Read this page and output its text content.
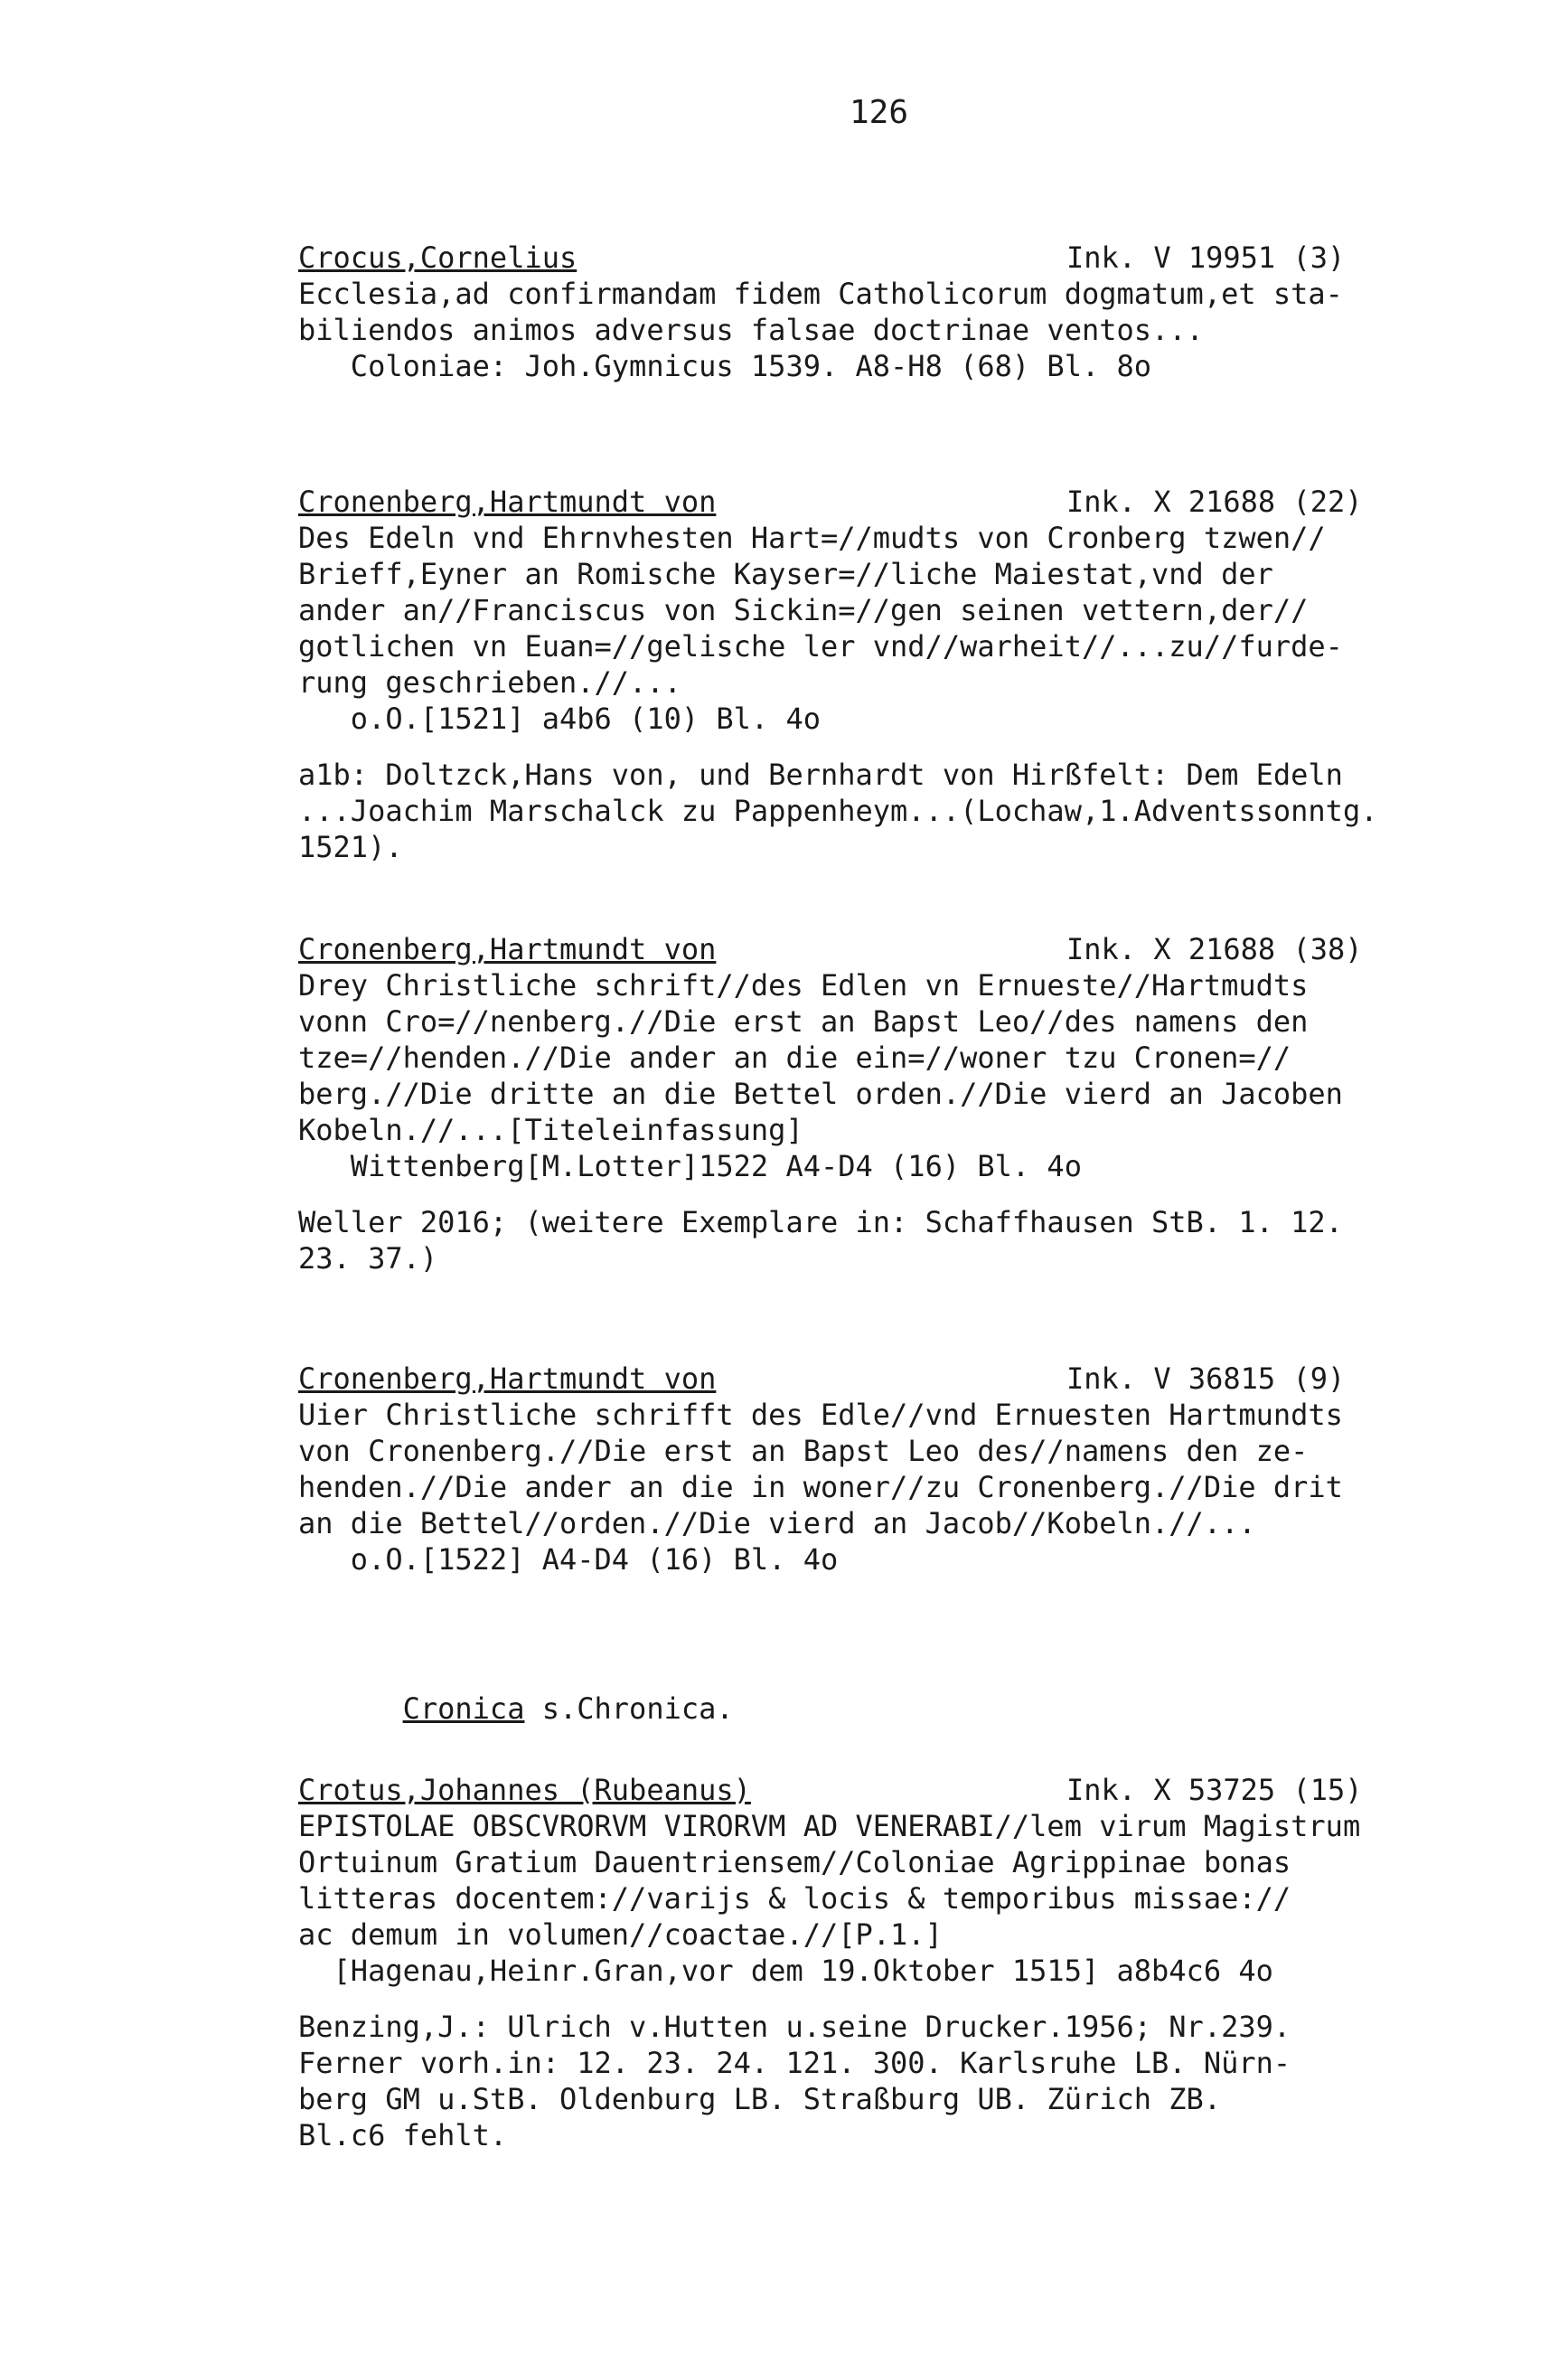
126
Crocus,Cornelius	Ink. V 19951 (3)
Ecclesia,ad confirmandam fidem Catholicorum dogmatum,et sta-
biliendos animos adversus falsae doctrinae ventos...
Coloniae: Joh.Gymnicus 1539. A8-H8 (68) Bl. 8o
Cronenberg,Hartmundt von	Ink. X 21688 (22)
Des Edeln vnd Ehrnvhesten Hart=//mudts von Cronberg tzwen//
Brieff,Eyner an Romische Kayser=//liche Maiestat,vnd der
ander an//Franciscus von Sickin=//gen seinen vettern,der//
gotlichen vn Euan=//gelische ler vnd//warheit//...zu//furde-
rung geschrieben.//...
o.O.[1521] a4b6 (10) Bl. 4o
a1b: Doltzck,Hans von, und Bernhardt von Hirßfelt: Dem Edeln
...Joachim Marschalck zu Pappenheym...(Lochaw,1.Adventssonntg.
1521).
Cronenberg,Hartmundt von	Ink. X 21688 (38)
Drey Christliche schrift//des Edlen vn Ernueste//Hartmudts
vonn Cro=//nenberg.//Die erst an Bapst Leo//des namens den
tze=//henden.//Die ander an die ein=//woner tzu Cronen=//
berg.//Die dritte an die Bettel orden.//Die vierd an Jacoben
Kobeln.//...[Titeleinfassung]
Wittenberg[M.Lotter]1522 A4-D4 (16) Bl. 4o
Weller 2016; (weitere Exemplare in: Schaffhausen StB. 1. 12.
23. 37.)
Cronenberg,Hartmundt von	Ink. V 36815 (9)
Uier Christliche schrifft des Edle//vnd Ernuesten Hartmundts
von Cronenberg.//Die erst an Bapst Leo des//namens den ze-
henden.//Die ander an die in woner//zu Cronenberg.//Die drit
an die Bettel//orden.//Die vierd an Jacob//Kobeln.//...
o.O.[1522] A4-D4 (16) Bl. 4o

Cronica s.Chronica.

Crotus,Johannes (Rubeanus)	Ink. X 53725 (15)
EPISTOLAE OBSCVRORVM VIRORVM AD VENERABI//lem virum Magistrum
Ortuinum Gratium Dauentriensem//Coloniae Agrippinae bonas
litteras docentem://varijs & locis & temporibus missae://
ac demum in volumen//coactae.//[P.1.]
[Hagenau,Heinr.Gran,vor dem 19.Oktober 1515] a8b4c6 4o
Benzing,J.: Ulrich v.Hutten u.seine Drucker.1956; Nr.239.
Ferner vorh.in: 12. 23. 24. 121. 300. Karlsruhe LB. Nürn-
berg GM u.StB. Oldenburg LB. Straßburg UB. Zürich ZB.
Bl.c6 fehlt.
